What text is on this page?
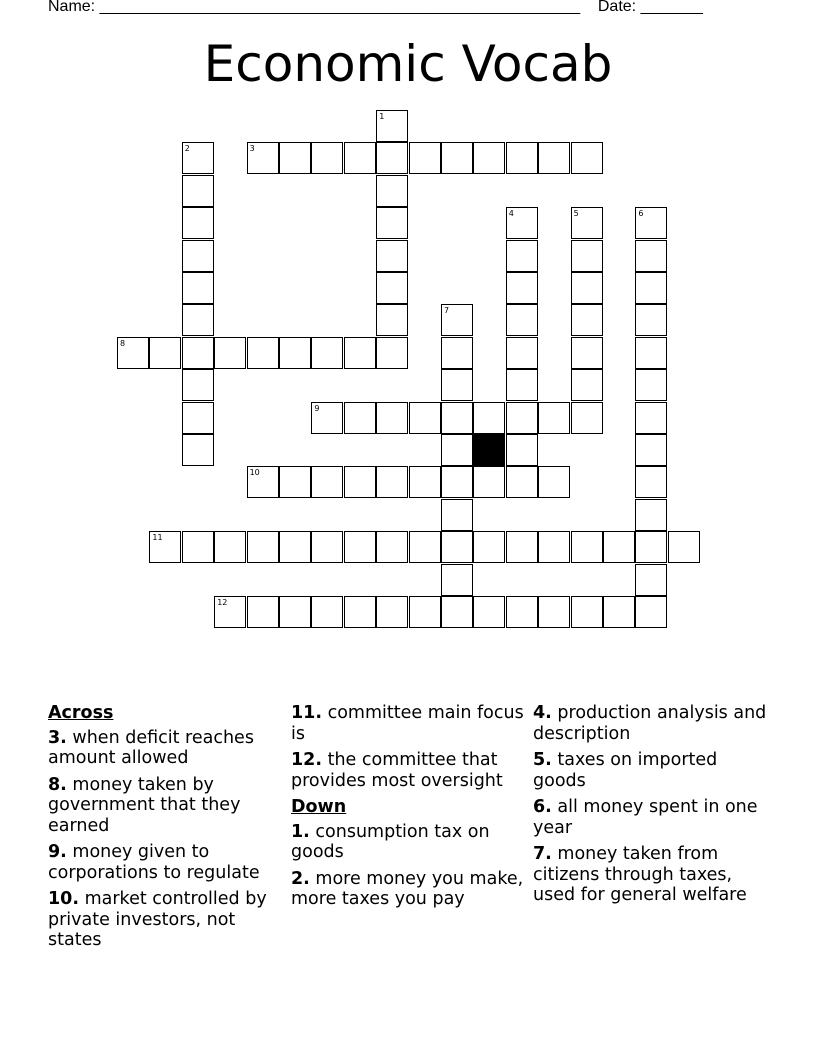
Name: ______________________________________________________ Date: _______
Economic Vocab
3
8
9
10
11
12
1
2
4	5	6
7
Across
3. when deficit reaches amount allowed
8. money taken by government that they earned
9. money given to corporations to regulate
10. market controlled by private investors, not states
11. committee main focus is
12. the committee that provides most oversight
Down
1. consumption tax on goods
2. more money you make, more taxes you pay
4. production analysis and description
5. taxes on imported goods
6. all money spent in one year
7. money taken from citizens through taxes, used for general welfare
